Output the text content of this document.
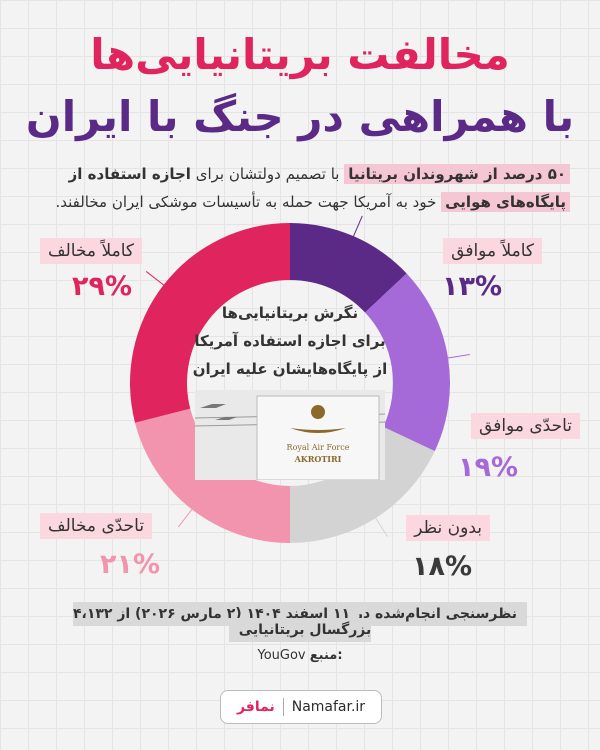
مخالفت بریتانیایی‌ها
با همراهی در جنگ با ایران
۵۰ درصد از شهروندان بریتانیا با تصمیم دولتشان برای اجازه استفاده از پایگاه‌های هوایی خود به آمریکا جهت حمله به تأسیسات موشکی ایران مخالفند.
نگرش بریتانیایی‌ها
برای اجازه استفاده آمریکا
از پایگاه‌هایشان علیه ایران
Royal Air Force
AKROTIRI
کاملاً موافق
۱۳%
تاحدّی موافق
۱۹%
بدون نظر
۱۸%
تاحدّی مخالف
۲۱%
کاملاً مخالف
۲۹%
نظرسنجی انجام‌شده در ۱۱ اسفند ۱۴۰۴ (۲ مارس ۲۰۲۶) از ۴،۱۳۲ بزرگسال بریتانیایی
YouGov منبع:
نمافر Namafar.ir
